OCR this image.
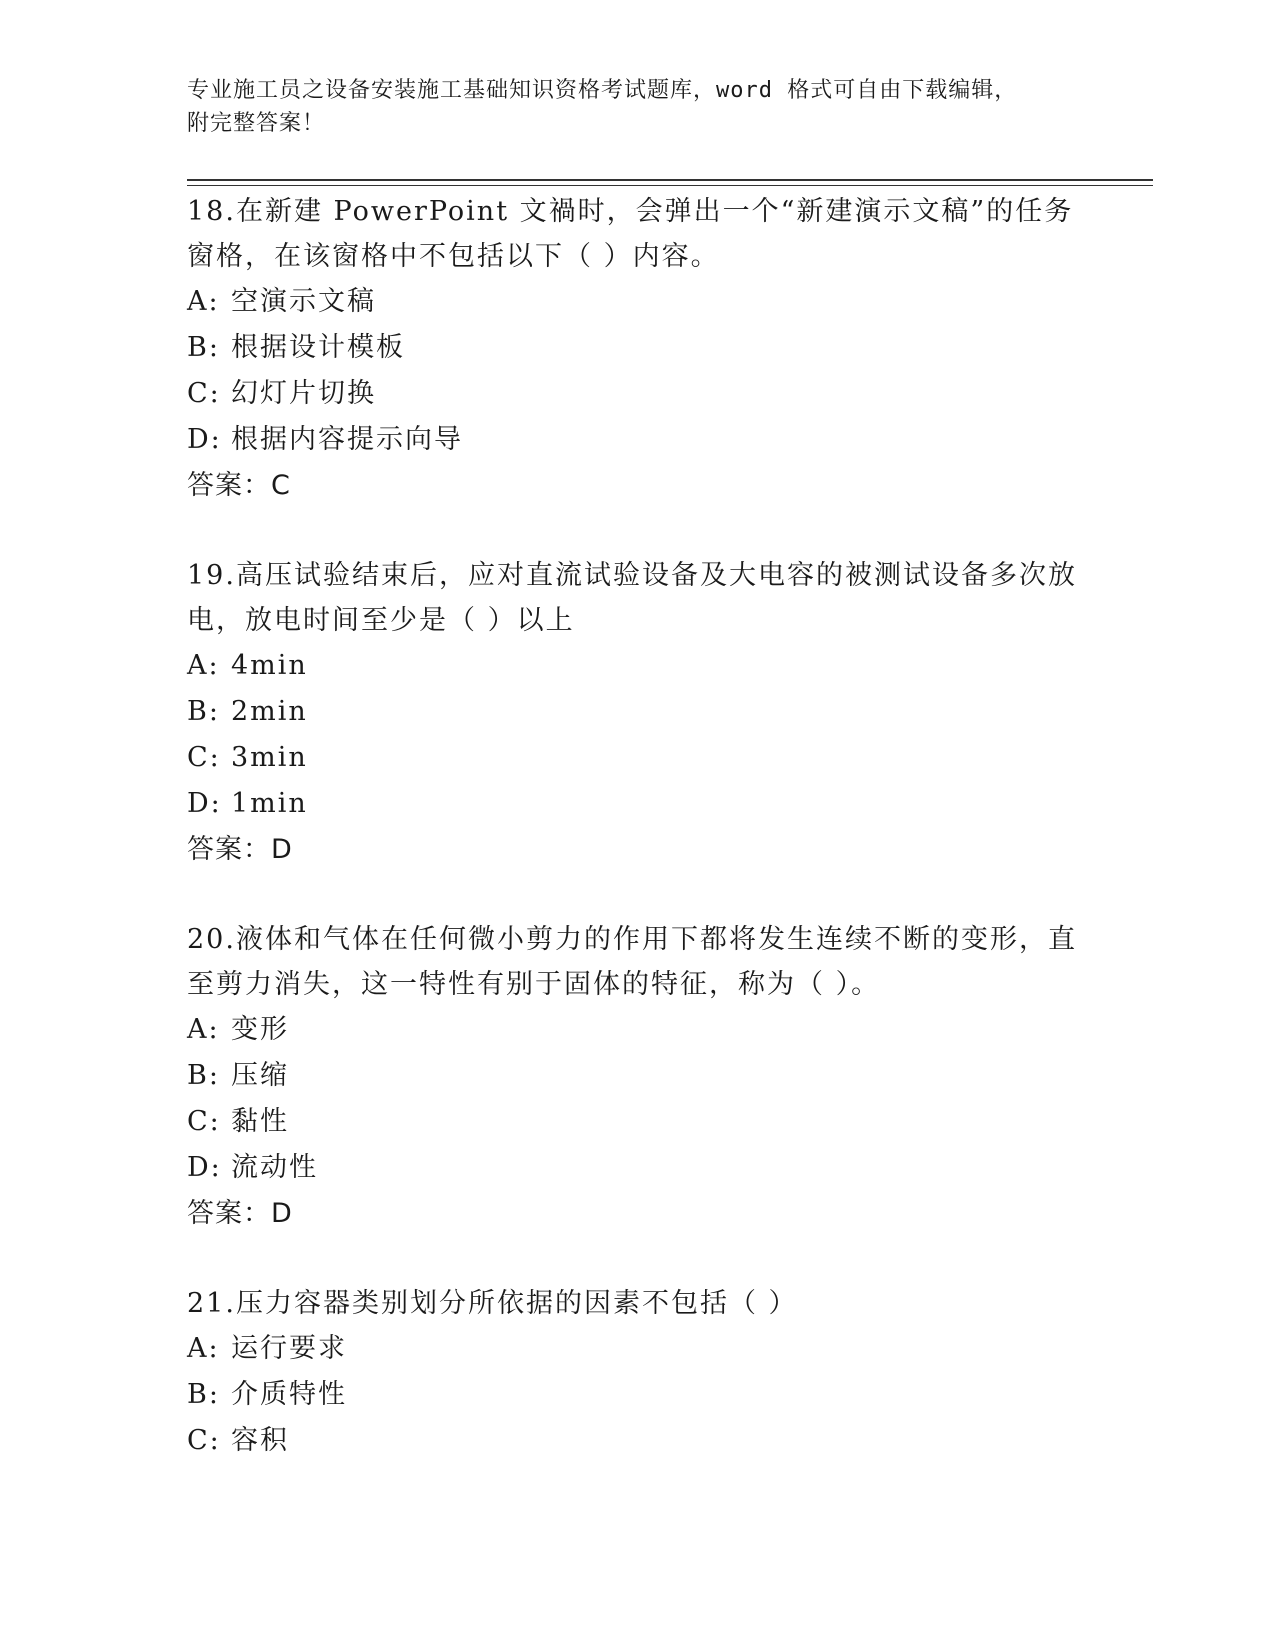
专业施工员之设备安装施工基础知识资格考试题库，word 格式可自由下载编辑，
附完整答案！
18.在新建 PowerPoint 文禍时，会弹出一个“新建演示文稿”的任务
窗格，在该窗格中不包括以下（ ）内容。
A: 空演示文稿
B: 根据设计模板
C: 幻灯片切换
D: 根据内容提示向导
答案：C
19.高压试验结束后，应对直流试验设备及大电容的被测试设备多次放
电，放电时间至少是（ ）以上
A: 4min
B: 2min
C: 3min
D: 1min
答案：D
20.液体和气体在任何微小剪力的作用下都将发生连续不断的变形，直
至剪力消失，这一特性有别于固体的特征，称为（ ）。
A: 变形
B: 压缩
C: 黏性
D: 流动性
答案：D
21.压力容器类别划分所依据的因素不包括（ ）
A: 运行要求
B: 介质特性
C: 容积
